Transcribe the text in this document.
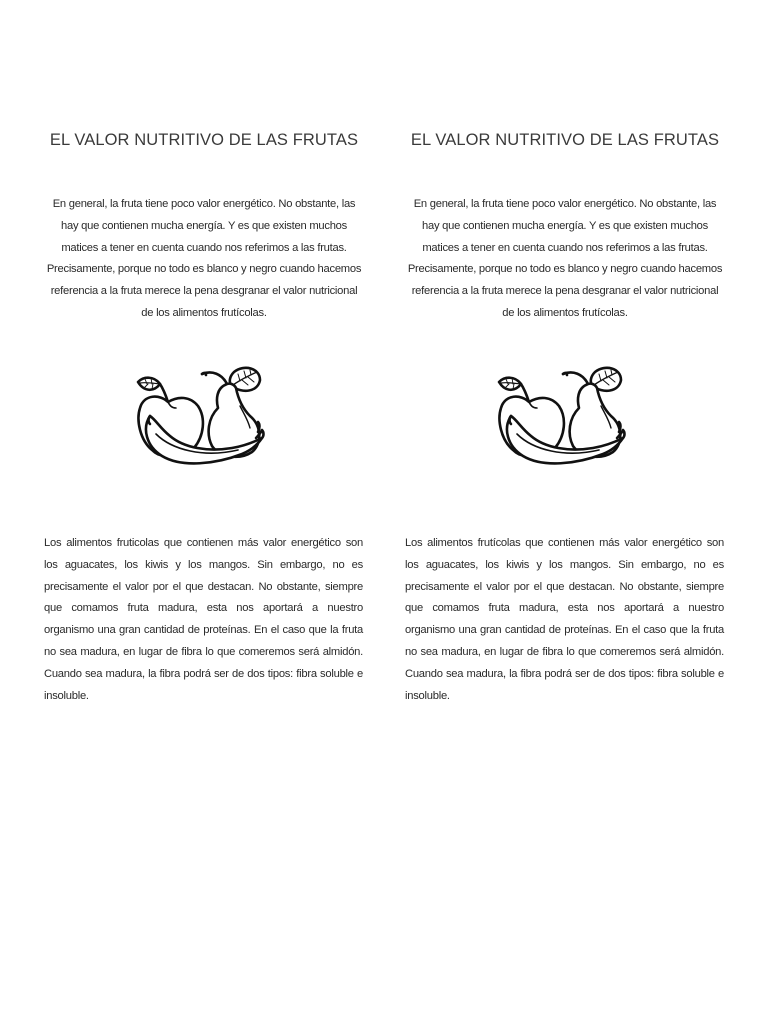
EL VALOR NUTRITIVO DE LAS FRUTAS

En general, la fruta tiene poco valor energético. No obstante, las hay que contienen mucha energía. Y es que existen muchos matices a tener en cuenta cuando nos referimos a las frutas. Precisamente, porque no todo es blanco y negro cuando hacemos referencia a la fruta merece la pena desgranar el valor nutricional de los alimentos frutícolas.

Los alimentos fruticolas que contienen más valor energético son los aguacates, los kiwis y los mangos. Sin embargo, no es precisamente el valor por el que destacan. No obstante, siempre que comamos fruta madura, esta nos aportará a nuestro organismo una gran cantidad de proteínas. En el caso que la fruta no sea madura, en lugar de fibra lo que comeremos será almidón. Cuando sea madura, la fibra podrá ser de dos tipos: fibra soluble e insoluble.

EL VALOR NUTRITIVO DE LAS FRUTAS

En general, la fruta tiene poco valor energético. No obstante, las hay que contienen mucha energía. Y es que existen muchos matices a tener en cuenta cuando nos referimos a las frutas. Precisamente, porque no todo es blanco y negro cuando hacemos referencia a la fruta merece la pena desgranar el valor nutricional de los alimentos frutícolas.

Los alimentos frutícolas que contienen más valor energético son los aguacates, los kiwis y los mangos. Sin embargo, no es precisamente el valor por el que destacan. No obstante, siempre que comamos fruta madura, esta nos aportará a nuestro organismo una gran cantidad de proteínas. En el caso que la fruta no sea madura, en lugar de fibra lo que comeremos será almidón. Cuando sea madura, la fibra podrá ser de dos tipos: fibra soluble e insoluble.
